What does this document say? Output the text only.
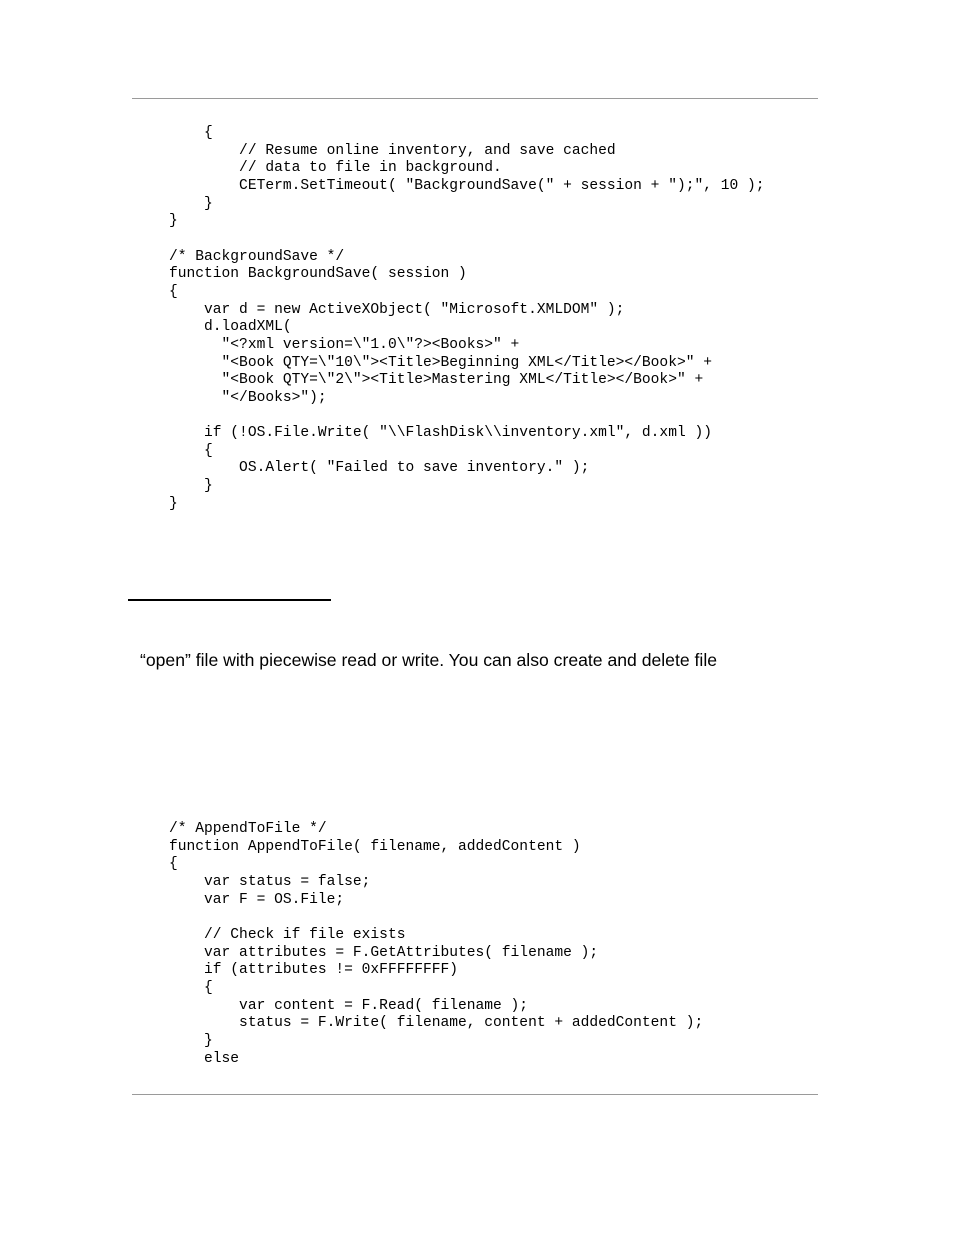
{
// Resume online inventory, and save cached
// data to file in background.
CETerm.SetTimeout( "BackgroundSave(" + session + ");", 10 );
}
}

/* BackgroundSave */
function BackgroundSave( session )
{
var d = new ActiveXObject( "Microsoft.XMLDOM" );
d.loadXML(
"<?xml version=\"1.0\"?><Books>" +
"<Book QTY=\"10\"><Title>Beginning XML</Title></Book>" +
"<Book QTY=\"2\"><Title>Mastering XML</Title></Book>" +
"</Books>");

if (!OS.File.Write( "\\FlashDisk\\inventory.xml", d.xml ))
{
OS.Alert( "Failed to save inventory." );
}
}

“open” file with piecewise read or write. You can also create and delete file

/* AppendToFile */
function AppendToFile( filename, addedContent )
{
var status = false;
var F = OS.File;

// Check if file exists
var attributes = F.GetAttributes( filename );
if (attributes != 0xFFFFFFFF)
{
var content = F.Read( filename );
status = F.Write( filename, content + addedContent );
}
else
